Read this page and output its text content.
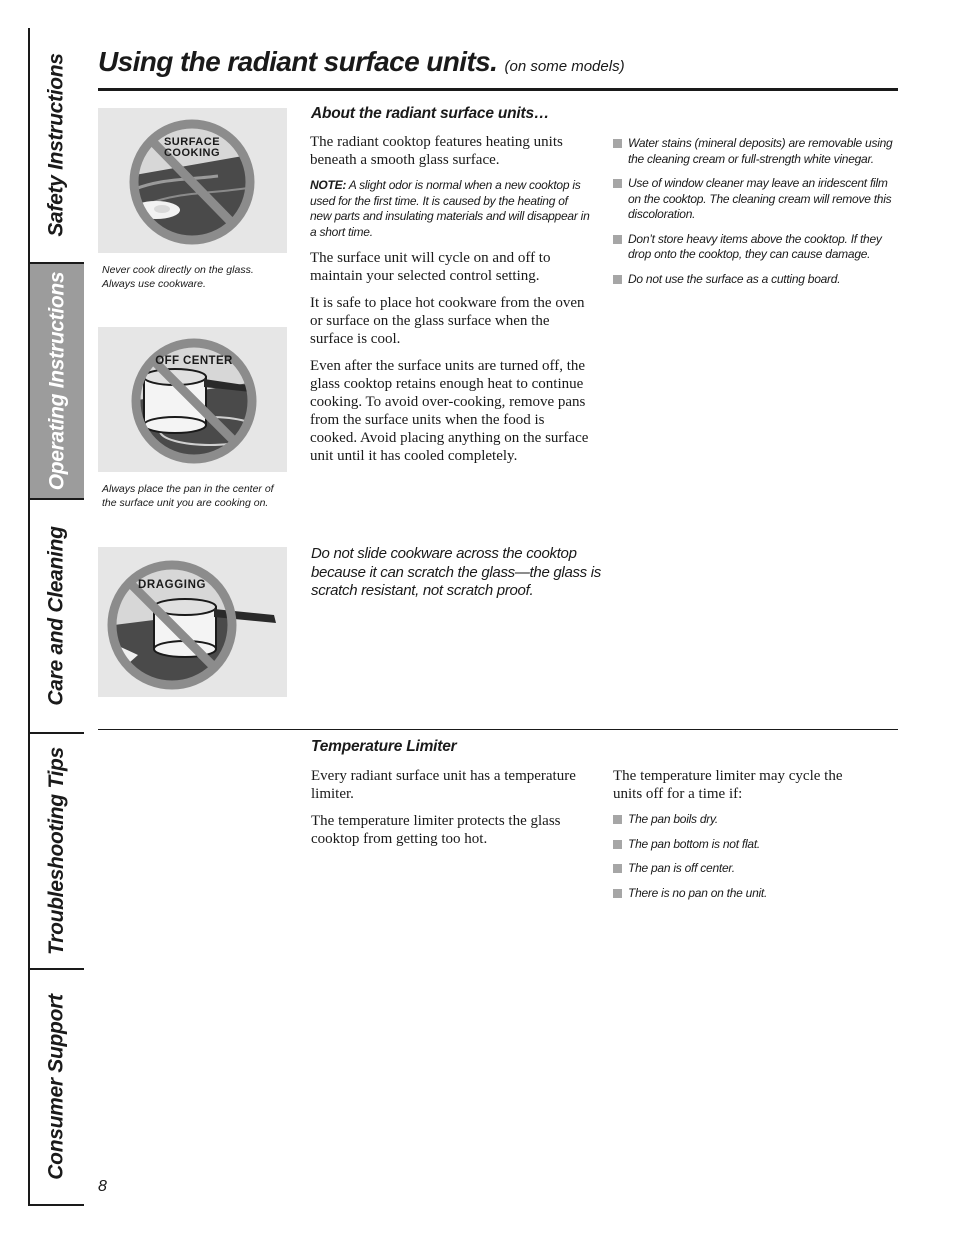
Safety Instructions
Operating Instructions
Care and Cleaning
Troubleshooting Tips
Consumer Support
Using the radiant surface units. (on some models)
SURFACE
COOKING
Never cook directly on the glass.
Always use cookware.
OFF CENTER
Always place the pan in the center of
the surface unit you are cooking on.
DRAGGING
About the radiant surface units…

The radiant cooktop features heating units beneath a smooth glass surface.

NOTE: A slight odor is normal when a new cooktop is used for the first time. It is caused by the heating of new parts and insulating materials and will disappear in a short time.

The surface unit will cycle on and off to maintain your selected control setting.

It is safe to place hot cookware from the oven or surface on the glass surface when the surface is cool.

Even after the surface units are turned off, the glass cooktop retains enough heat to continue cooking. To avoid over-cooking, remove pans from the surface units when the food is cooked. Avoid placing anything on the surface unit until it has cooled completely.

Water stains (mineral deposits) are removable using the cleaning cream or full-strength white vinegar.
Use of window cleaner may leave an iridescent film on the cooktop. The cleaning cream will remove this discoloration.
Don’t store heavy items above the cooktop. If they drop onto the cooktop, they can cause damage.
Do not use the surface as a cutting board.
Do not slide cookware across the cooktop because it can scratch the glass—the glass is scratch resistant, not scratch proof.
Temperature Limiter

Every radiant surface unit has a temperature limiter.

The temperature limiter protects the glass cooktop from getting too hot.

The temperature limiter may cycle the units off for a time if:

The pan boils dry.
The pan bottom is not flat.
The pan is off center.
There is no pan on the unit.
8
